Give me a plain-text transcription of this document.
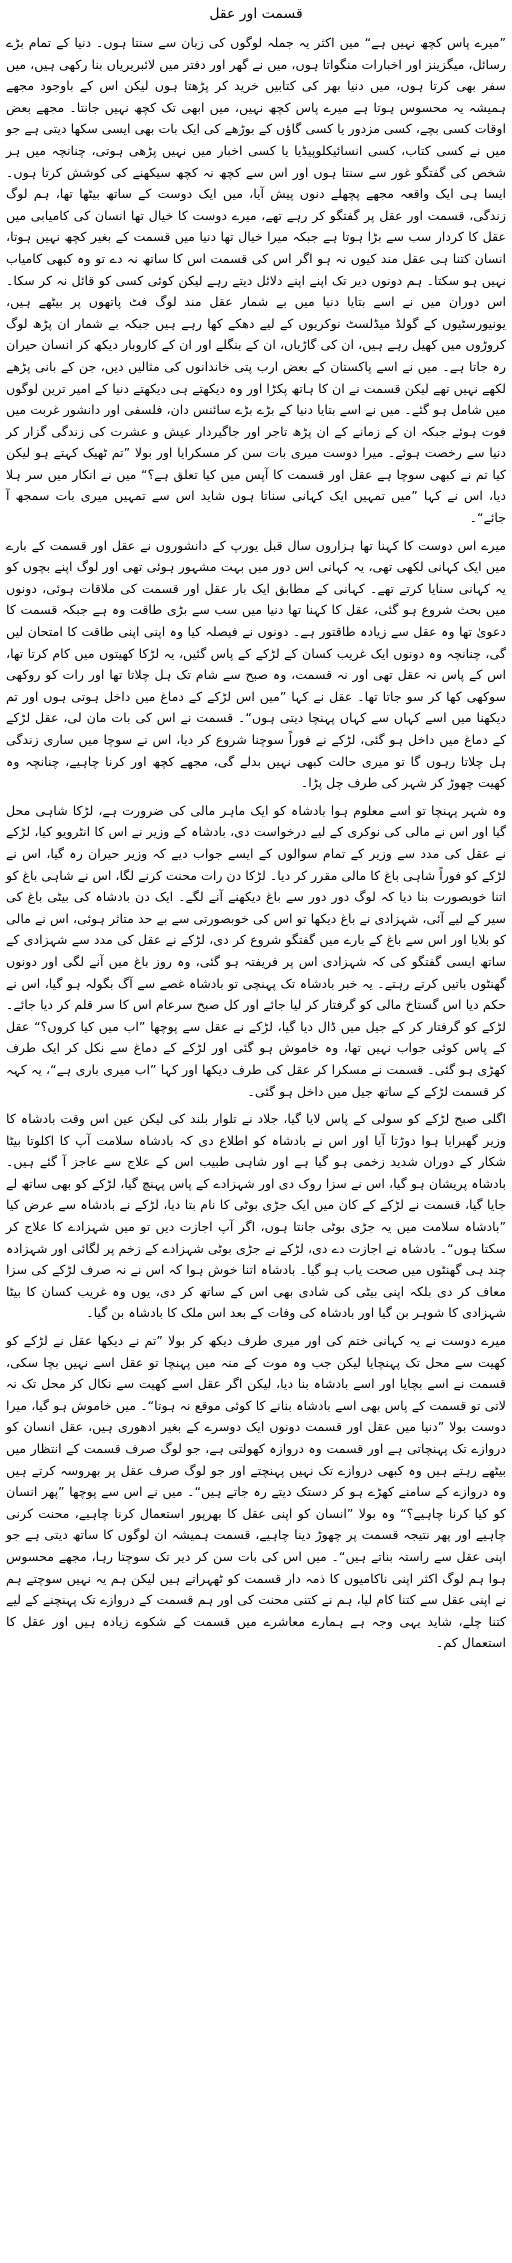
قسمت اور عقل

”میرے پاس کچھ نہیں ہے“ میں اکثر یہ جملہ لوگوں کی زبان سے سنتا ہوں۔ دنیا کے تمام بڑے رسائل، میگزینز اور اخبارات منگواتا ہوں، میں نے گھر اور دفتر میں لائبریریاں بنا رکھی ہیں، میں سفر بھی کرتا ہوں، میں دنیا بھر کی کتابیں خرید کر پڑھتا ہوں لیکن اس کے باوجود مجھے ہمیشہ یہ محسوس ہوتا ہے میرے پاس کچھ نہیں، میں ابھی تک کچھ نہیں جانتا۔ مجھے بعض اوقات کسی بچے، کسی مزدور یا کسی گاؤں کے بوڑھے کی ایک بات بھی ایسی سکھا دیتی ہے جو میں نے کسی کتاب، کسی انسائیکلوپیڈیا یا کسی اخبار میں نہیں پڑھی ہوتی، چنانچہ میں ہر شخص کی گفتگو غور سے سنتا ہوں اور اس سے کچھ نہ کچھ سیکھنے کی کوشش کرتا ہوں۔ ایسا ہی ایک واقعہ مجھے پچھلے دنوں پیش آیا، میں ایک دوست کے ساتھ بیٹھا تھا، ہم لوگ زندگی، قسمت اور عقل پر گفتگو کر رہے تھے، میرے دوست کا خیال تھا انسان کی کامیابی میں عقل کا کردار سب سے بڑا ہوتا ہے جبکہ میرا خیال تھا دنیا میں قسمت کے بغیر کچھ نہیں ہوتا، انسان کتنا ہی عقل مند کیوں نہ ہو اگر اس کی قسمت اس کا ساتھ نہ دے تو وہ کبھی کامیاب نہیں ہو سکتا۔ ہم دونوں دیر تک اپنے اپنے دلائل دیتے رہے لیکن کوئی کسی کو قائل نہ کر سکا۔ اس دوران میں نے اسے بتایا دنیا میں بے شمار عقل مند لوگ فٹ پاتھوں پر بیٹھے ہیں، یونیورسٹیوں کے گولڈ میڈلسٹ نوکریوں کے لیے دھکے کھا رہے ہیں جبکہ بے شمار ان پڑھ لوگ کروڑوں میں کھیل رہے ہیں، ان کی گاڑیاں، ان کے بنگلے اور ان کے کاروبار دیکھ کر انسان حیران رہ جاتا ہے۔ میں نے اسے پاکستان کے بعض ارب پتی خاندانوں کی مثالیں دیں، جن کے بانی پڑھے لکھے نہیں تھے لیکن قسمت نے ان کا ہاتھ پکڑا اور وہ دیکھتے ہی دیکھتے دنیا کے امیر ترین لوگوں میں شامل ہو گئے۔ میں نے اسے بتایا دنیا کے بڑے بڑے سائنس دان، فلسفی اور دانشور غربت میں فوت ہوئے جبکہ ان کے زمانے کے ان پڑھ تاجر اور جاگیردار عیش و عشرت کی زندگی گزار کر دنیا سے رخصت ہوئے۔ میرا دوست میری بات سن کر مسکرایا اور بولا ”تم ٹھیک کہتے ہو لیکن کیا تم نے کبھی سوچا ہے عقل اور قسمت کا آپس میں کیا تعلق ہے؟“ میں نے انکار میں سر ہلا دیا، اس نے کہا ”میں تمہیں ایک کہانی سناتا ہوں شاید اس سے تمہیں میری بات سمجھ آ جائے“۔

میرے اس دوست کا کہنا تھا ہزاروں سال قبل یورپ کے دانشوروں نے عقل اور قسمت کے بارے میں ایک کہانی لکھی تھی، یہ کہانی اس دور میں بہت مشہور ہوئی تھی اور لوگ اپنے بچوں کو یہ کہانی سنایا کرتے تھے۔ کہانی کے مطابق ایک بار عقل اور قسمت کی ملاقات ہوئی، دونوں میں بحث شروع ہو گئی، عقل کا کہنا تھا دنیا میں سب سے بڑی طاقت وہ ہے جبکہ قسمت کا دعویٰ تھا وہ عقل سے زیادہ طاقتور ہے۔ دونوں نے فیصلہ کیا وہ اپنی اپنی طاقت کا امتحان لیں گی، چنانچہ وہ دونوں ایک غریب کسان کے لڑکے کے پاس گئیں، یہ لڑکا کھیتوں میں کام کرتا تھا، اس کے پاس نہ عقل تھی اور نہ قسمت، وہ صبح سے شام تک ہل چلاتا تھا اور رات کو روکھی سوکھی کھا کر سو جاتا تھا۔ عقل نے کہا ”میں اس لڑکے کے دماغ میں داخل ہوتی ہوں اور تم دیکھنا میں اسے کہاں سے کہاں پہنچا دیتی ہوں“۔ قسمت نے اس کی بات مان لی، عقل لڑکے کے دماغ میں داخل ہو گئی، لڑکے نے فوراً سوچنا شروع کر دیا، اس نے سوچا میں ساری زندگی ہل چلاتا رہوں گا تو میری حالت کبھی نہیں بدلے گی، مجھے کچھ اور کرنا چاہیے، چنانچہ وہ کھیت چھوڑ کر شہر کی طرف چل پڑا۔

وہ شہر پہنچا تو اسے معلوم ہوا بادشاہ کو ایک ماہر مالی کی ضرورت ہے، لڑکا شاہی محل گیا اور اس نے مالی کی نوکری کے لیے درخواست دی، بادشاہ کے وزیر نے اس کا انٹرویو کیا، لڑکے نے عقل کی مدد سے وزیر کے تمام سوالوں کے ایسے جواب دیے کہ وزیر حیران رہ گیا، اس نے لڑکے کو فوراً شاہی باغ کا مالی مقرر کر دیا۔ لڑکا دن رات محنت کرنے لگا، اس نے شاہی باغ کو اتنا خوبصورت بنا دیا کہ لوگ دور دور سے باغ دیکھنے آنے لگے۔ ایک دن بادشاہ کی بیٹی باغ کی سیر کے لیے آئی، شہزادی نے باغ دیکھا تو اس کی خوبصورتی سے بے حد متاثر ہوئی، اس نے مالی کو بلایا اور اس سے باغ کے بارے میں گفتگو شروع کر دی، لڑکے نے عقل کی مدد سے شہزادی کے ساتھ ایسی گفتگو کی کہ شہزادی اس پر فریفتہ ہو گئی، وہ روز باغ میں آنے لگی اور دونوں گھنٹوں باتیں کرتے رہتے۔ یہ خبر بادشاہ تک پہنچی تو بادشاہ غصے سے آگ بگولہ ہو گیا، اس نے حکم دیا اس گستاخ مالی کو گرفتار کر لیا جائے اور کل صبح سرعام اس کا سر قلم کر دیا جائے۔ لڑکے کو گرفتار کر کے جیل میں ڈال دیا گیا، لڑکے نے عقل سے پوچھا ”اب میں کیا کروں؟“ عقل کے پاس کوئی جواب نہیں تھا، وہ خاموش ہو گئی اور لڑکے کے دماغ سے نکل کر ایک طرف کھڑی ہو گئی۔ قسمت نے مسکرا کر عقل کی طرف دیکھا اور کہا ”اب میری باری ہے“، یہ کہہ کر قسمت لڑکے کے ساتھ جیل میں داخل ہو گئی۔

اگلی صبح لڑکے کو سولی کے پاس لایا گیا، جلاد نے تلوار بلند کی لیکن عین اس وقت بادشاہ کا وزیر گھبرایا ہوا دوڑتا آیا اور اس نے بادشاہ کو اطلاع دی کہ بادشاہ سلامت آپ کا اکلوتا بیٹا شکار کے دوران شدید زخمی ہو گیا ہے اور شاہی طبیب اس کے علاج سے عاجز آ گئے ہیں۔ بادشاہ پریشان ہو گیا، اس نے سزا روک دی اور شہزادے کے پاس پہنچ گیا، لڑکے کو بھی ساتھ لے جایا گیا، قسمت نے لڑکے کے کان میں ایک جڑی بوٹی کا نام بتا دیا، لڑکے نے بادشاہ سے عرض کیا ”بادشاہ سلامت میں یہ جڑی بوٹی جانتا ہوں، اگر آپ اجازت دیں تو میں شہزادے کا علاج کر سکتا ہوں“۔ بادشاہ نے اجازت دے دی، لڑکے نے جڑی بوٹی شہزادے کے زخم پر لگائی اور شہزادہ چند ہی گھنٹوں میں صحت یاب ہو گیا۔ بادشاہ اتنا خوش ہوا کہ اس نے نہ صرف لڑکے کی سزا معاف کر دی بلکہ اپنی بیٹی کی شادی بھی اس کے ساتھ کر دی، یوں وہ غریب کسان کا بیٹا شہزادی کا شوہر بن گیا اور بادشاہ کی وفات کے بعد اس ملک کا بادشاہ بن گیا۔

میرے دوست نے یہ کہانی ختم کی اور میری طرف دیکھ کر بولا ”تم نے دیکھا عقل نے لڑکے کو کھیت سے محل تک پہنچایا لیکن جب وہ موت کے منہ میں پہنچا تو عقل اسے نہیں بچا سکی، قسمت نے اسے بچایا اور اسے بادشاہ بنا دیا، لیکن اگر عقل اسے کھیت سے نکال کر محل تک نہ لاتی تو قسمت کے پاس بھی اسے بادشاہ بنانے کا کوئی موقع نہ ہوتا“۔ میں خاموش ہو گیا، میرا دوست بولا ”دنیا میں عقل اور قسمت دونوں ایک دوسرے کے بغیر ادھوری ہیں، عقل انسان کو دروازے تک پہنچاتی ہے اور قسمت وہ دروازہ کھولتی ہے، جو لوگ صرف قسمت کے انتظار میں بیٹھے رہتے ہیں وہ کبھی دروازے تک نہیں پہنچتے اور جو لوگ صرف عقل پر بھروسہ کرتے ہیں وہ دروازے کے سامنے کھڑے ہو کر دستک دیتے رہ جاتے ہیں“۔ میں نے اس سے پوچھا ”پھر انسان کو کیا کرنا چاہیے؟“ وہ بولا ”انسان کو اپنی عقل کا بھرپور استعمال کرنا چاہیے، محنت کرنی چاہیے اور پھر نتیجہ قسمت پر چھوڑ دینا چاہیے، قسمت ہمیشہ ان لوگوں کا ساتھ دیتی ہے جو اپنی عقل سے راستہ بناتے ہیں“۔ میں اس کی بات سن کر دیر تک سوچتا رہا، مجھے محسوس ہوا ہم لوگ اکثر اپنی ناکامیوں کا ذمہ دار قسمت کو ٹھہراتے ہیں لیکن ہم یہ نہیں سوچتے ہم نے اپنی عقل سے کتنا کام لیا، ہم نے کتنی محنت کی اور ہم قسمت کے دروازے تک پہنچنے کے لیے کتنا چلے، شاید یہی وجہ ہے ہمارے معاشرے میں قسمت کے شکوے زیادہ ہیں اور عقل کا استعمال کم۔
